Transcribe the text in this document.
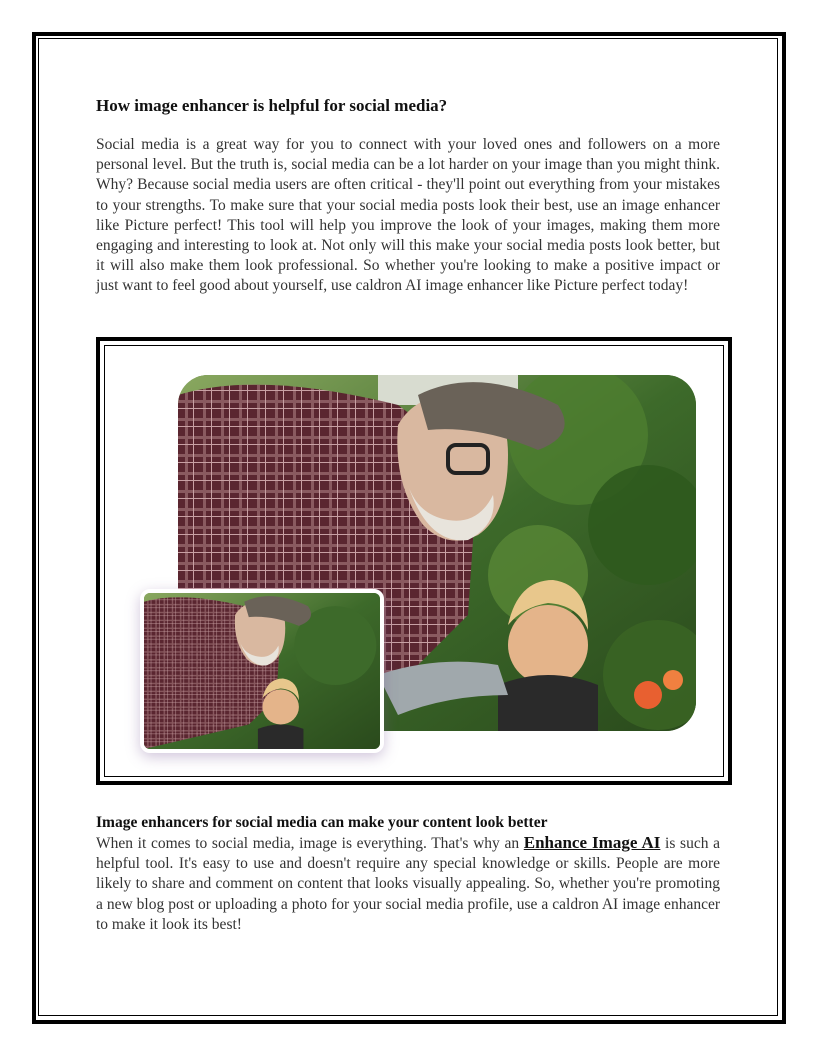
How image enhancer is helpful for social media?

Social media is a great way for you to connect with your loved ones and followers on a more personal level. But the truth is, social media can be a lot harder on your image than you might think. Why? Because social media users are often critical - they'll point out everything from your mistakes to your strengths. To make sure that your social media posts look their best, use an image enhancer like Picture perfect! This tool will help you improve the look of your images, making them more engaging and interesting to look at. Not only will this make your social media posts look better, but it will also make them look professional. So whether you're looking to make a positive impact or just want to feel good about yourself, use caldron AI image enhancer like Picture perfect today!

Image enhancers for social media can make your content look better

When it comes to social media, image is everything. That's why an Enhance Image AI is such a helpful tool. It's easy to use and doesn't require any special knowledge or skills. People are more likely to share and comment on content that looks visually appealing. So, whether you're promoting a new blog post or uploading a photo for your social media profile, use a caldron AI image enhancer to make it look its best!
